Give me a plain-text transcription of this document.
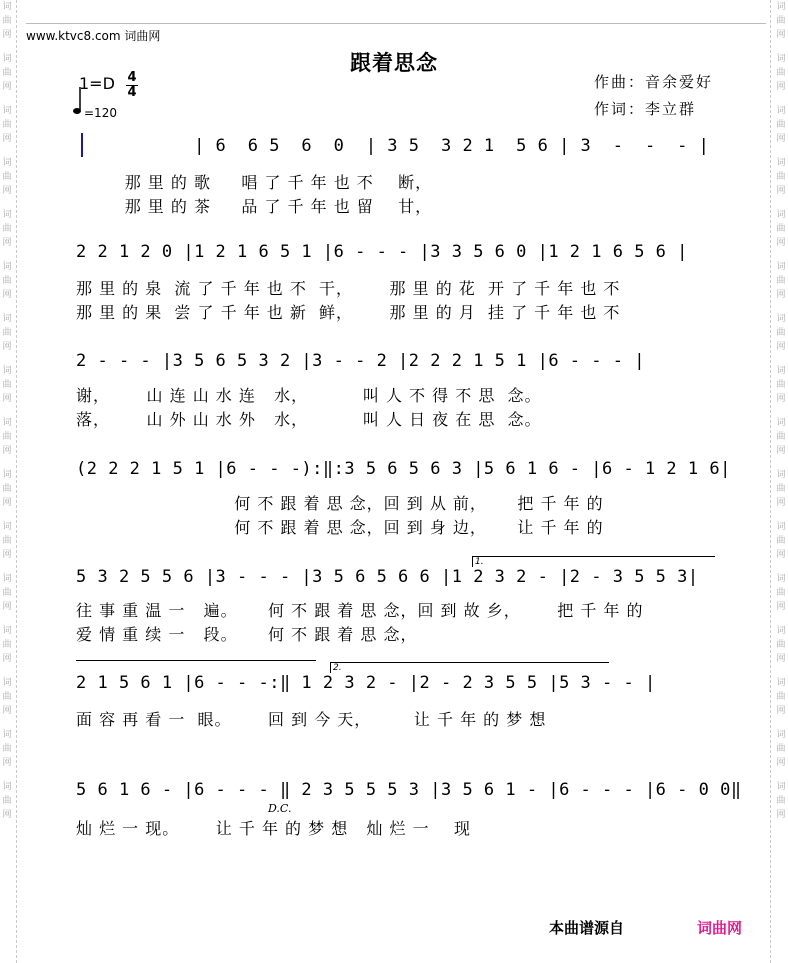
词曲网
词曲网
词曲网
词曲网
词曲网
词曲网
词曲网
词曲网
词曲网
词曲网
词曲网
词曲网
词曲网
词曲网
词曲网
词曲网
词曲网
词曲网
词曲网
词曲网
词曲网
词曲网
词曲网
词曲网
词曲网
词曲网
词曲网
词曲网
词曲网
词曲网
词曲网
词曲网
www.ktvc8.com 词曲网
跟着思念
1=D 4
4
=120
作曲：音余爱好
作词：李立群
| 6  6 5  6  0  | 3 5  3 2 1  5 6 | 3  -  -  - |
那 里 的 歌     唱 了 千 年 也 不    断，
那 里 的 茶     品 了 千 年 也 留    甘，
2 2 1 2 0 |1 2 1 6 5 1 |6 - - - |3 3 5 6 0 |1 2 1 6 5 6 |
那 里 的 泉  流 了 千 年 也 不  干，      那 里 的 花  开 了 千 年 也 不
那 里 的 果  尝 了 千 年 也 新  鲜，      那 里 的 月  挂 了 千 年 也 不
2 - - - |3 5 6 5 3 2 |3 - - 2 |2 2 2 1 5 1 |6 - - - |
谢，      山 连 山 水 连   水，         叫 人 不 得 不 思  念。
落，      山 外 山 水 外   水，         叫 人 日 夜 在 思  念。
(2 2 2 1 5 1 |6 - - -):‖:3 5 6 5 6 3 |5 6 1 6 - |6 - 1 2 1 6|
何 不 跟 着 思 念，回 到 从 前，     把 千 年 的
何 不 跟 着 思 念，回 到 身 边，     让 千 年 的
1.
5 3 2 5 5 6 |3 - - - |3 5 6 5 6 6 |1 2 3 2 - |2 - 3 5 5 3|
往 事 重 温 一   遍。     何 不 跟 着 思 念，回 到 故 乡，      把 千 年 的
爱 情 重 续 一   段。     何 不 跟 着 思 念，
2.
2 1 5 6 1 |6 - - -:‖ 1 2 3 2 - |2 - 2 3 5 5 |5 3 - - |
面 容 再 看 一  眼。      回 到 今 天，       让 千 年 的 梦 想
5 6 1 6 - |6 - - - ‖ 2 3 5 5 5 3 |3 5 6 1 - |6 - - - |6 - 0 0‖
D.C.
灿 烂 一 现。      让 千 年 的 梦 想   灿 烂 一    现
本曲谱源自	词曲网
